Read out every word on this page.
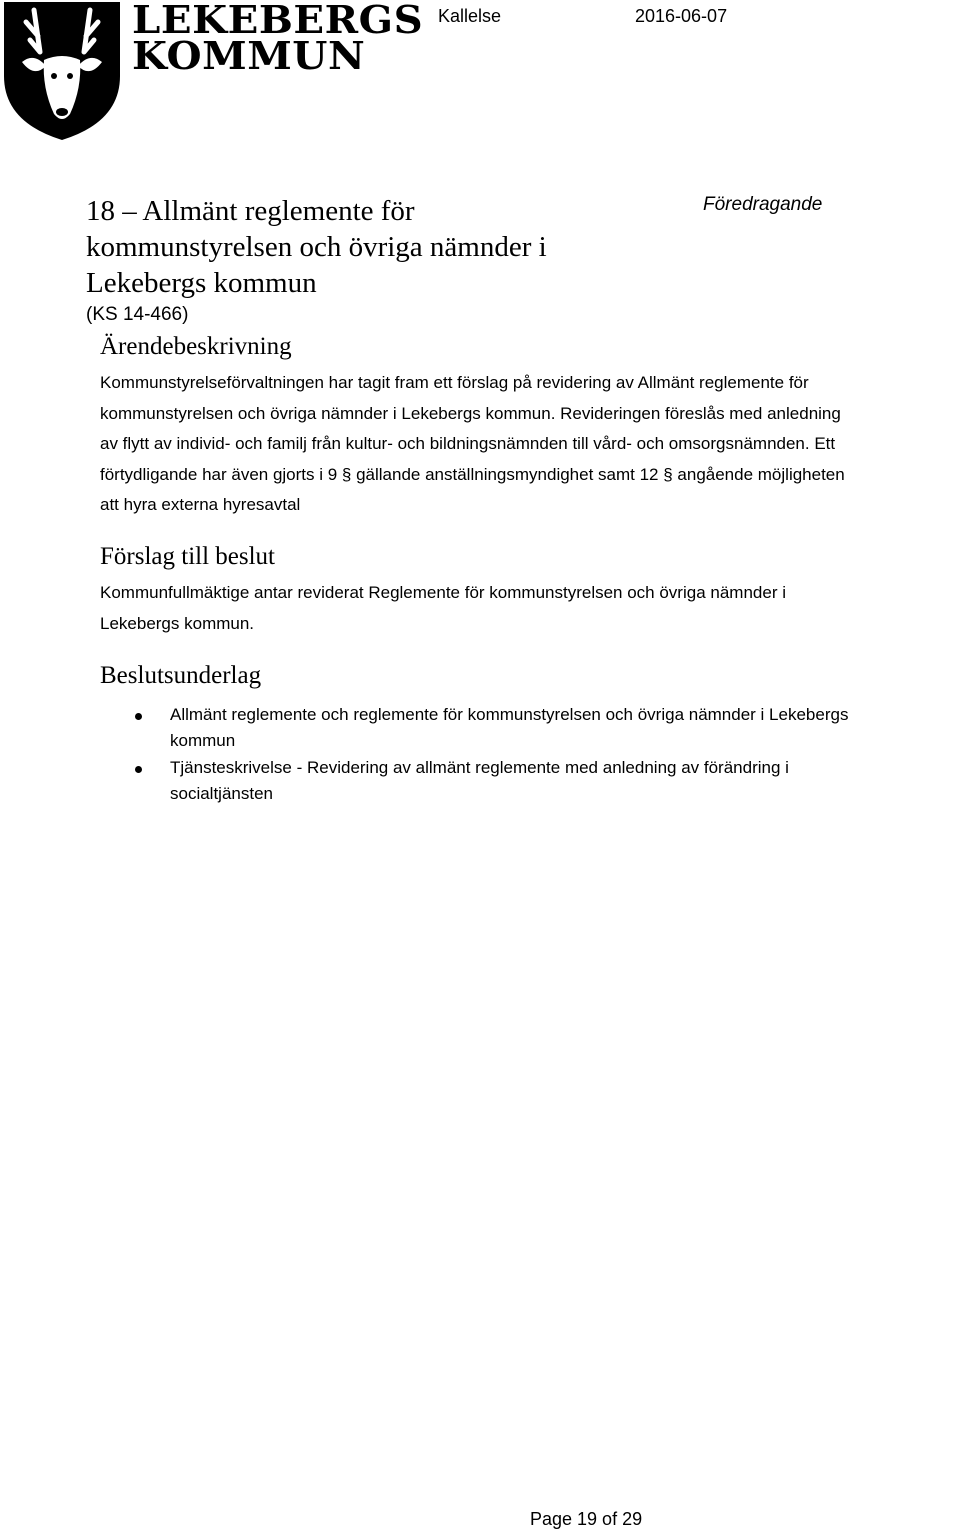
LEKEBERGS
KOMMUN
Kallelse	2016-06-07
18 – Allmänt reglemente för
kommunstyrelsen och övriga nämnder i
Lekebergs kommun
(KS 14-466)
Föredragande
Ärendebeskrivning
Kommunstyrelseförvaltningen har tagit fram ett förslag på revidering av Allmänt reglemente för
kommunstyrelsen och övriga nämnder i Lekebergs kommun. Revideringen föreslås med anledning
av flytt av individ- och familj från kultur- och bildningsnämnden till vård- och omsorgsnämnden. Ett
förtydligande har även gjorts i 9 § gällande anställningsmyndighet samt 12 § angående möjligheten
att hyra externa hyresavtal
Förslag till beslut
Kommunfullmäktige antar reviderat Reglemente för kommunstyrelsen och övriga nämnder i
Lekebergs kommun.
Beslutsunderlag
Allmänt reglemente och reglemente för kommunstyrelsen och övriga nämnder i Lekebergs
kommun
Tjänsteskrivelse - Revidering av allmänt reglemente med anledning av förändring i
socialtjänsten
Page 19 of 29
